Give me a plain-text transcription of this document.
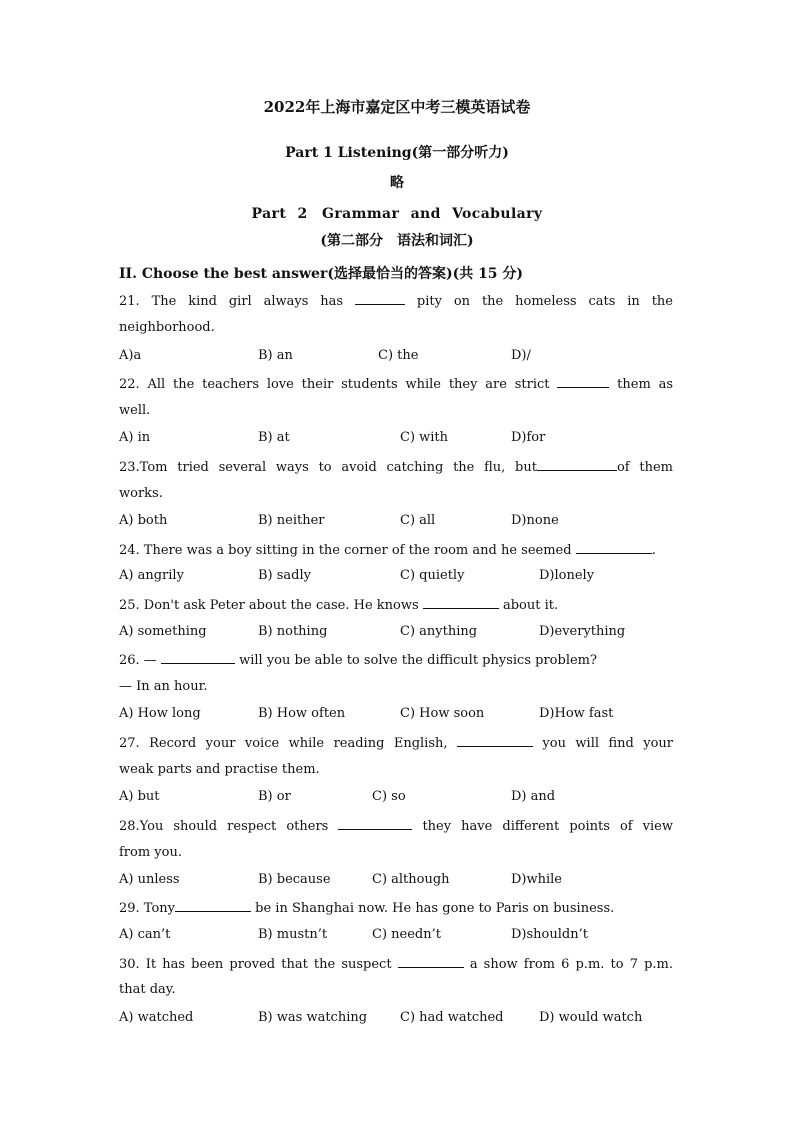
2022年上海市嘉定区中考三模英语试卷
Part 1 Listening(第一部分听力)
略
Part 2　Grammar and Vocabulary
(第二部分　语法和词汇)
II. Choose the best answer(选择最恰当的答案)(共 15 分)
21. The kind girl always has	pity on the homeless cats in the
neighborhood.
A)a	B) an	C) the	D)/
22. All the teachers love their students while they are strict	them as
well.
A) in	B) at	C) with	D)for
23.Tom tried several ways to avoid catching the flu, but	of them
works.
A) both	B) neither	C) all	D)none
24. There was a boy sitting in the corner of the room and he seemed	.
A) angrily	B) sadly	C) quietly	D)lonely
25. Don't ask Peter about the case. He knows	about it.
A) something	B) nothing	C) anything	D)everything
26. —	will you be able to solve the difficult physics problem?
— In an hour.
A) How long	B) How often	C) How soon	D)How fast
27. Record your voice while reading English,	you will find your
weak parts and practise them.
A) but	B) or	C) so	D) and
28.You should respect others	they have different points of view
from you.
A) unless	B) because	C) although	D)while
29. Tony	be in Shanghai now. He has gone to Paris on business.
A) can’t	B) mustn’t	C) needn’t	D)shouldn’t
30. It has been proved that the suspect	a show from 6 p.m. to 7 p.m.
that day.
A) watched	B) was watching	C) had watched	D) would watch
